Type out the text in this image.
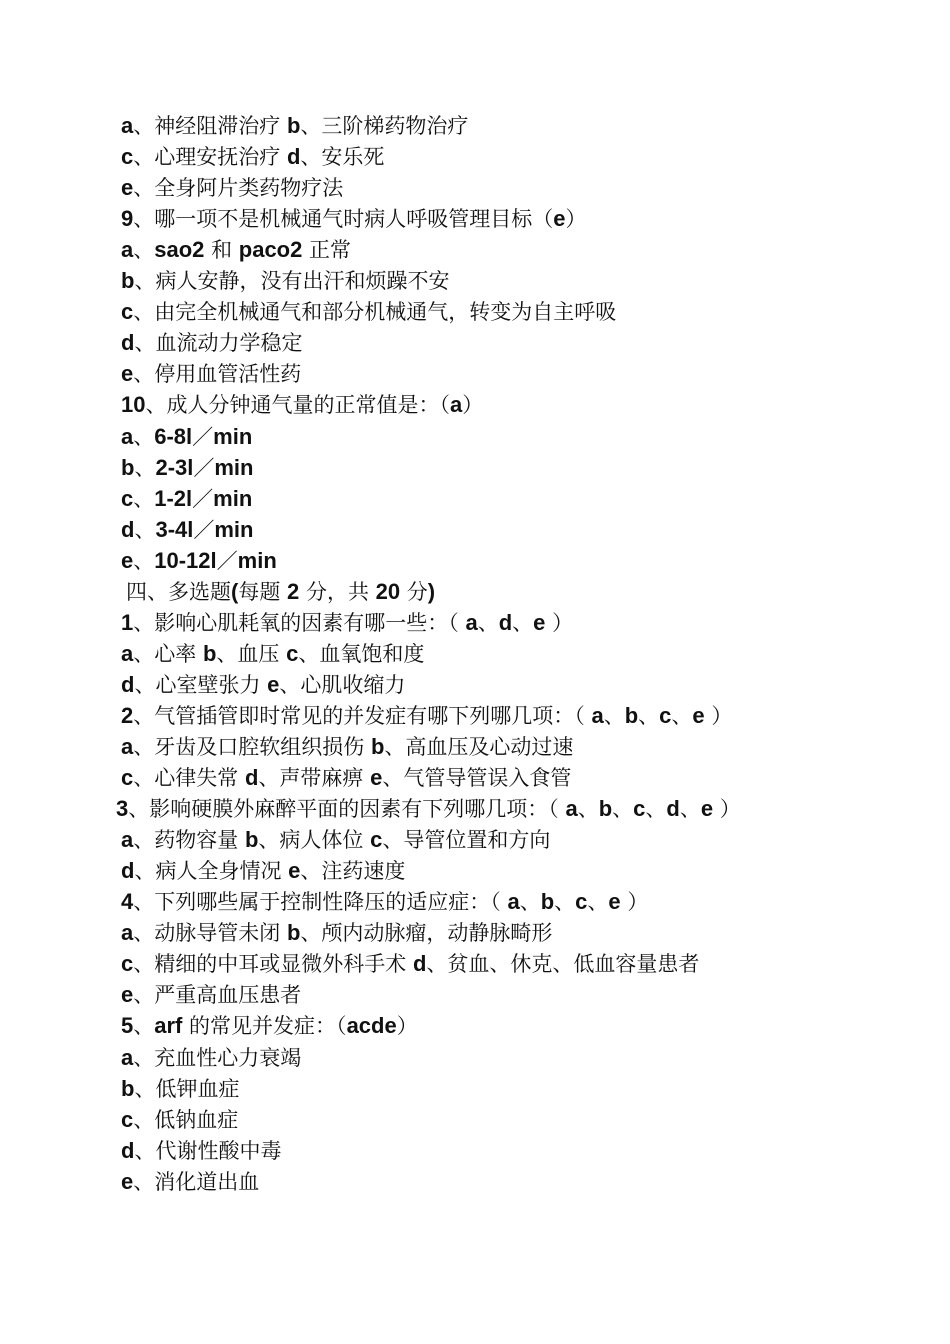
a、神经阻滞治疗 b、三阶梯药物治疗
c、心理安抚治疗 d、安乐死
e、全身阿片类药物疗法
9、哪一项不是机械通气时病人呼吸管理目标（e）
a、sao2 和 paco2 正常
b、病人安静，没有出汗和烦躁不安
c、由完全机械通气和部分机械通气，转变为自主呼吸
d、血流动力学稳定
e、停用血管活性药
10、成人分钟通气量的正常值是：（a）
a、6-8l／min
b、2-3l／min
c、1-2l／min
d、3-4l／min
e、10-12l／min
四、多选题(每题 2 分，共 20 分)
1、影响心肌耗氧的因素有哪一些：（ a、d、e ）
a、心率 b、血压 c、血氧饱和度
d、心室壁张力 e、心肌收缩力
2、气管插管即时常见的并发症有哪下列哪几项：（ a、b、c、e ）
a、牙齿及口腔软组织损伤 b、高血压及心动过速
c、心律失常 d、声带麻痹 e、气管导管误入食管
3、影响硬膜外麻醉平面的因素有下列哪几项：（ a、b、c、d、e ）
a、药物容量 b、病人体位 c、导管位置和方向
d、病人全身情况 e、注药速度
4、下列哪些属于控制性降压的适应症：（ a、b、c、e ）
a、动脉导管未闭 b、颅内动脉瘤，动静脉畸形
c、精细的中耳或显微外科手术 d、贫血、休克、低血容量患者
e、严重高血压患者
5、arf 的常见并发症：（acde）
a、充血性心力衰竭
b、低钾血症
c、低钠血症
d、代谢性酸中毒
e、消化道出血
